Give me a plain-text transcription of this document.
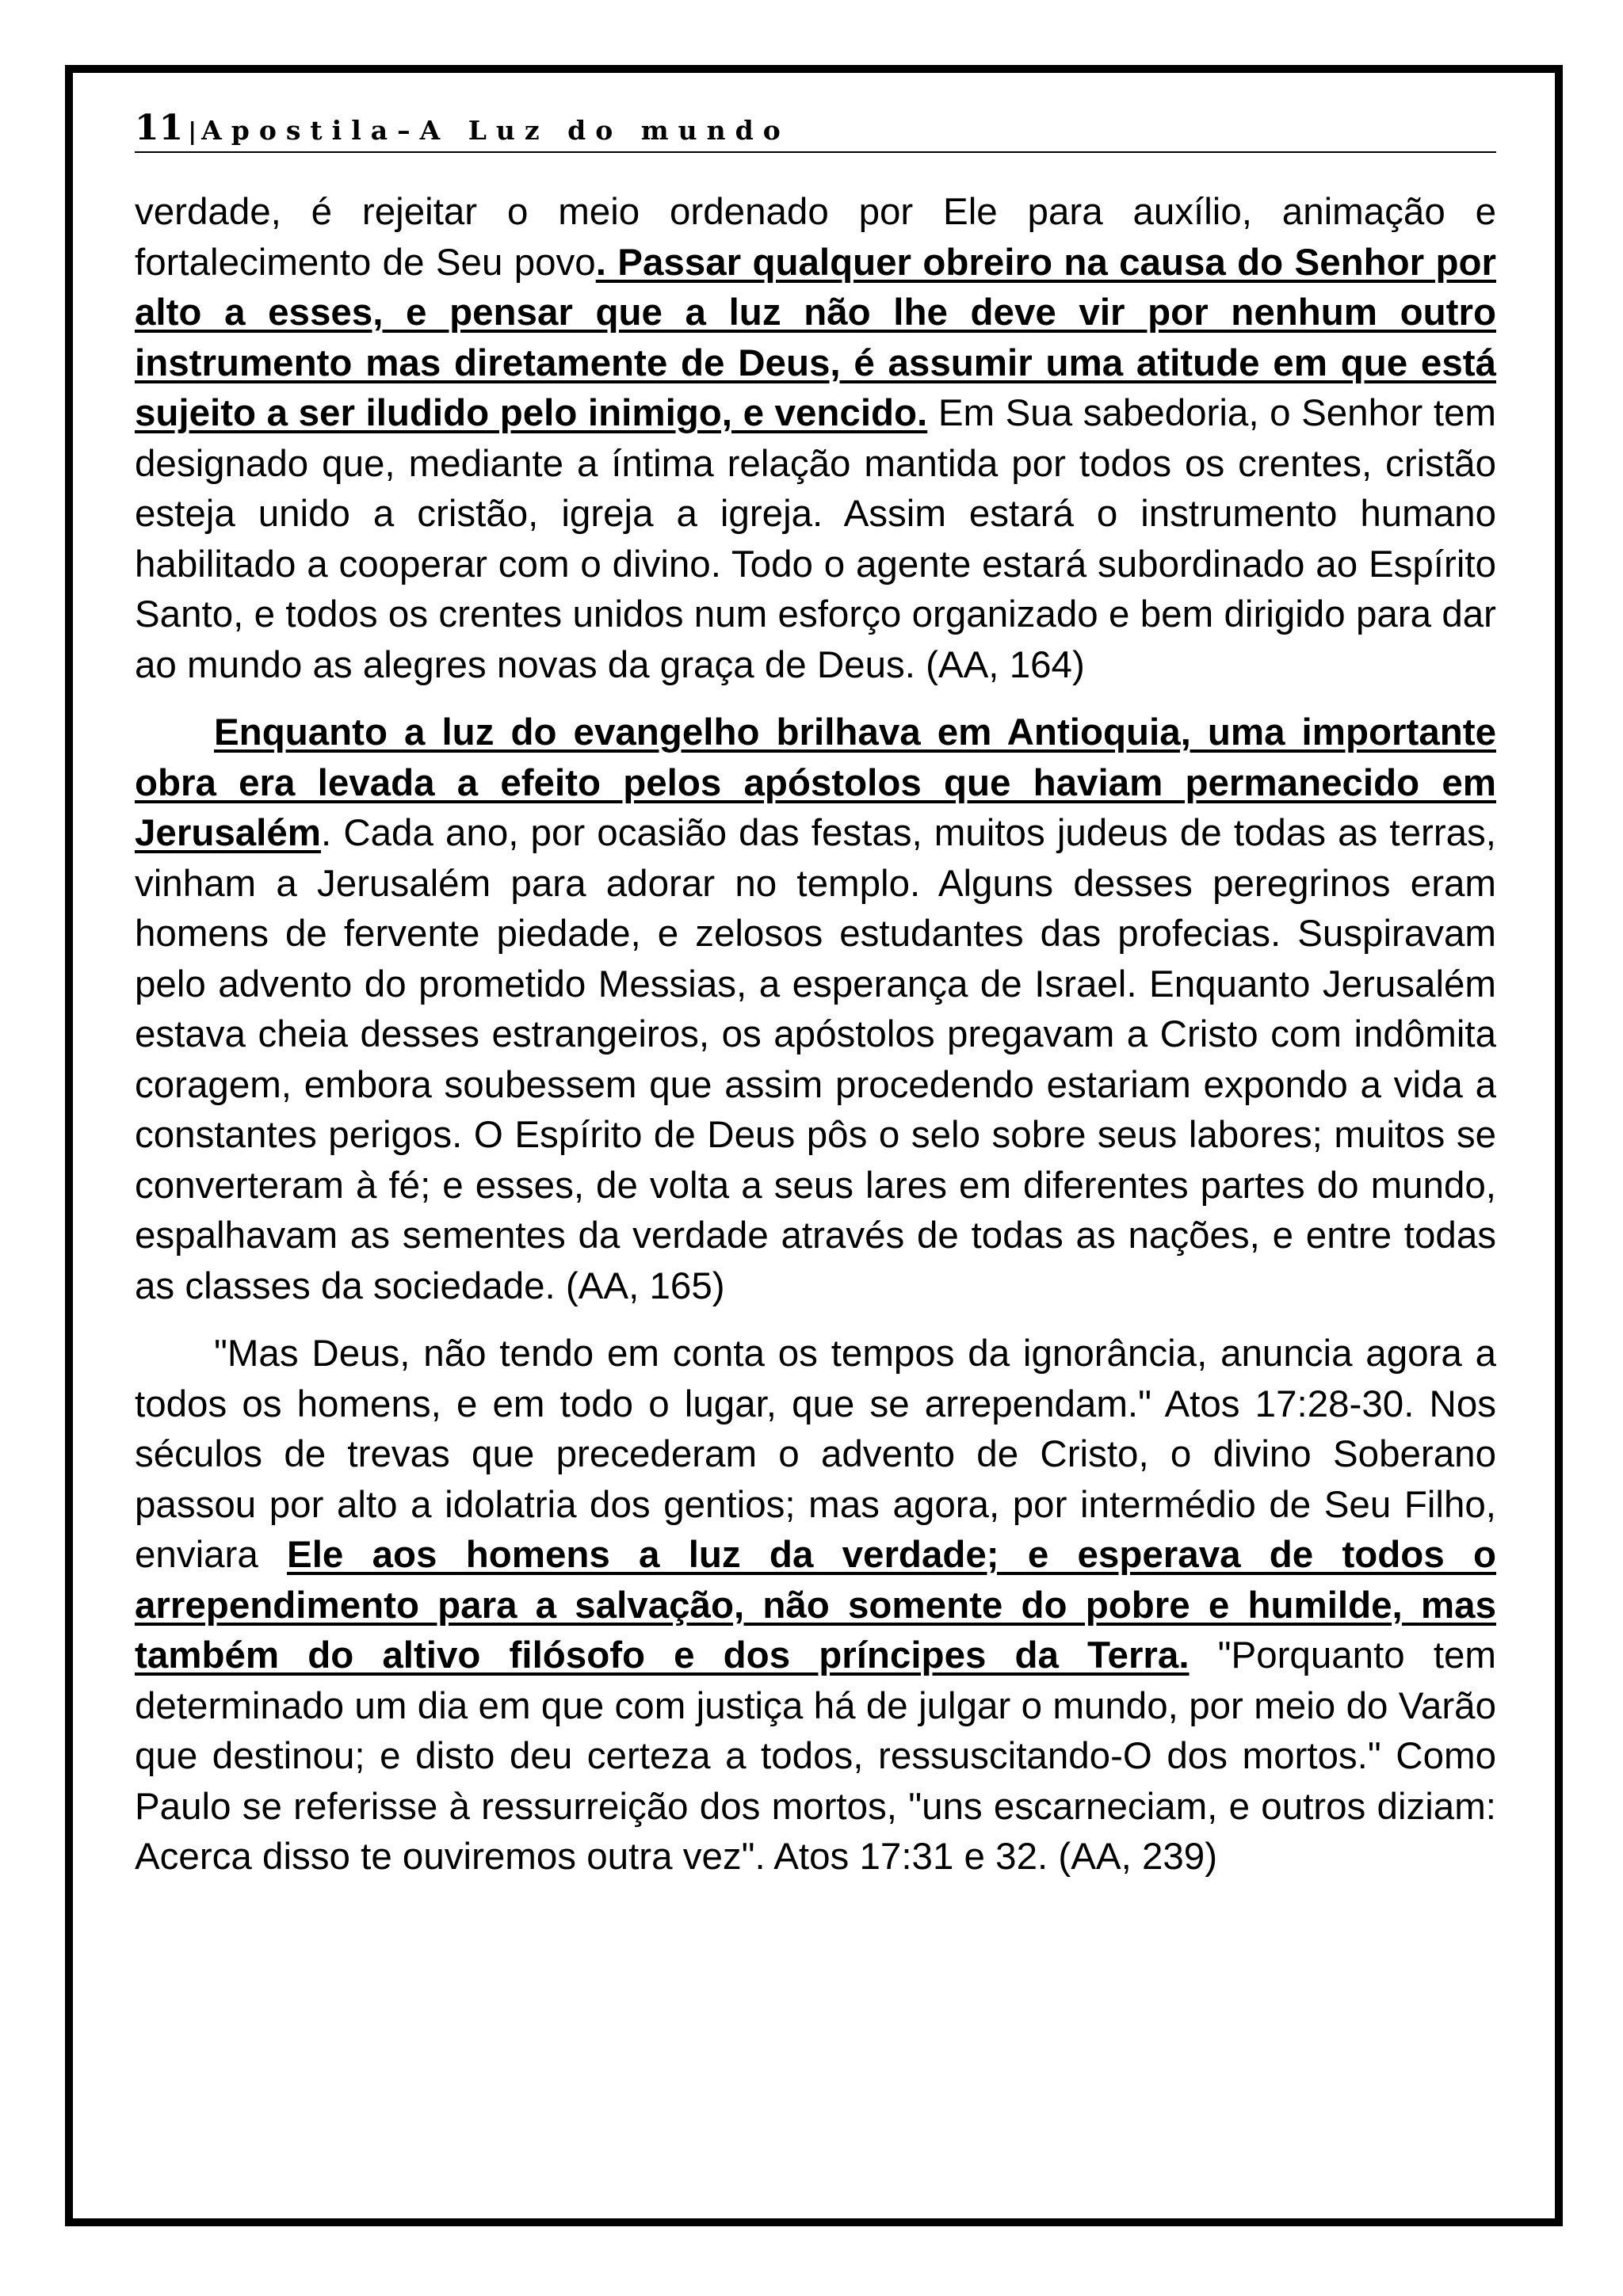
11 | Apostila–A Luz do mundo

verdade, é rejeitar o meio ordenado por Ele para auxílio, animação e fortalecimento de Seu povo. Passar qualquer obreiro na causa do Senhor por alto a esses, e pensar que a luz não lhe deve vir por nenhum outro instrumento mas diretamente de Deus, é assumir uma atitude em que está sujeito a ser iludido pelo inimigo, e vencido. Em Sua sabedoria, o Senhor tem designado que, mediante a íntima relação mantida por todos os crentes, cristão esteja unido a cristão, igreja a igreja. Assim estará o instrumento humano habilitado a cooperar com o divino. Todo o agente estará subordinado ao Espírito Santo, e todos os crentes unidos num esforço organizado e bem dirigido para dar ao mundo as alegres novas da graça de Deus. (AA, 164)

Enquanto a luz do evangelho brilhava em Antioquia, uma importante obra era levada a efeito pelos apóstolos que haviam permanecido em Jerusalém. Cada ano, por ocasião das festas, muitos judeus de todas as terras, vinham a Jerusalém para adorar no templo. Alguns desses peregrinos eram homens de fervente piedade, e zelosos estudantes das profecias. Suspiravam pelo advento do prometido Messias, a esperança de Israel. Enquanto Jerusalém estava cheia desses estrangeiros, os apóstolos pregavam a Cristo com indômita coragem, embora soubessem que assim procedendo estariam expondo a vida a constantes perigos. O Espírito de Deus pôs o selo sobre seus labores; muitos se converteram à fé; e esses, de volta a seus lares em diferentes partes do mundo, espalhavam as sementes da verdade através de todas as nações, e entre todas as classes da sociedade. (AA, 165)

"Mas Deus, não tendo em conta os tempos da ignorância, anuncia agora a todos os homens, e em todo o lugar, que se arrependam." Atos 17:28-30. Nos séculos de trevas que precederam o advento de Cristo, o divino Soberano passou por alto a idolatria dos gentios; mas agora, por intermédio de Seu Filho, enviara Ele aos homens a luz da verdade; e esperava de todos o arrependimento para a salvação, não somente do pobre e humilde, mas também do altivo filósofo e dos príncipes da Terra. "Porquanto tem determinado um dia em que com justiça há de julgar o mundo, por meio do Varão que destinou; e disto deu certeza a todos, ressuscitando-O dos mortos." Como Paulo se referisse à ressurreição dos mortos, "uns escarneciam, e outros diziam: Acerca disso te ouviremos outra vez". Atos 17:31 e 32. (AA, 239)
